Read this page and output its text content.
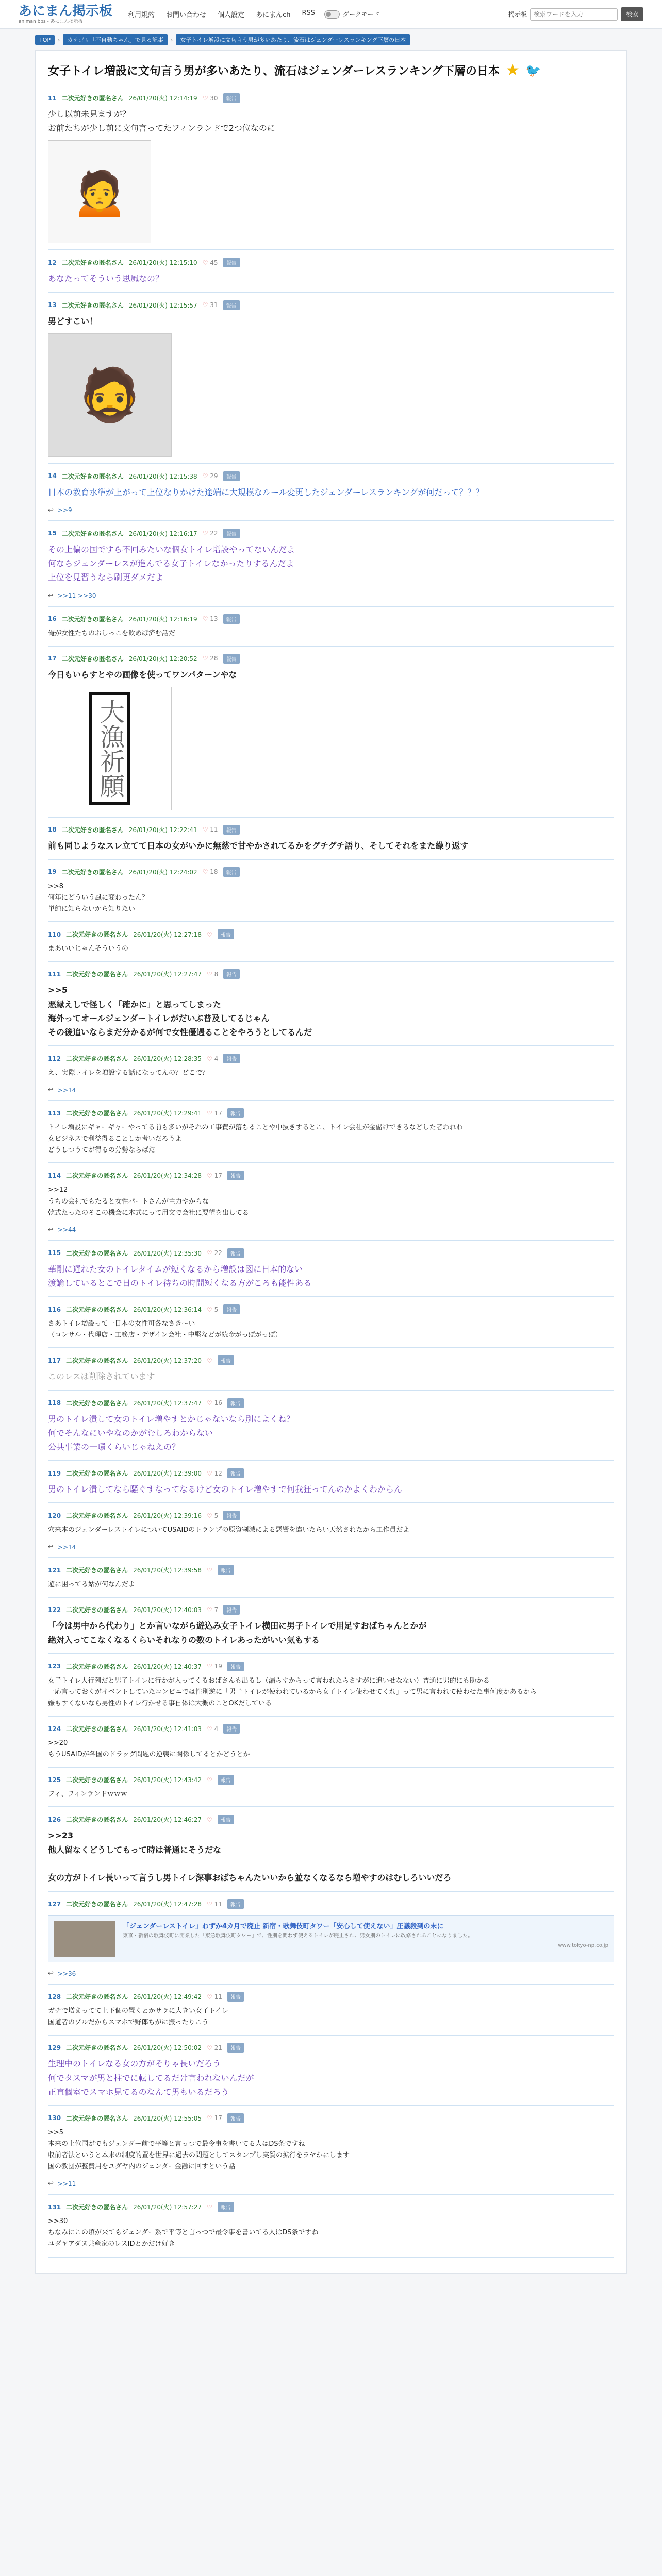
あにまん掲示板
animan bbs - あにまん掲示板
利用規約 お問い合わせ 個人設定 あにまんch RSS	ダークモード	掲示板
検索ワードを入力	検索
TOP	›	カテゴリ「不自動ちゃん」で見る記事	›	女子トイレ増設に文句言う男が多いあたり、流石はジェンダーレスランキング下層の日本
女子トイレ増設に文句言う男が多いあたり、流石はジェンダーレスランキング下層の日本 ★ 🐦
11 二次元好きの匿名さん 26/01/20(火) 12:14:19 ♡ 30	報告
少し以前未見ますが？
お前たちが少し前に文句言ってたフィンランドで2つ位なのに
🙍
12 二次元好きの匿名さん 26/01/20(火) 12:15:10 ♡ 45	報告
あなたってそういう思風なの？
13 二次元好きの匿名さん 26/01/20(火) 12:15:57 ♡ 31	報告
男どすこい！
🧔
14 二次元好きの匿名さん 26/01/20(火) 12:15:38 ♡ 29	報告
日本の教育水準が上がって上位なりかけた途端に大規模なルール変更したジェンダーレスランキングが何だって？？？
↩ >>9
15 二次元好きの匿名さん 26/01/20(火) 12:16:17 ♡ 22	報告
その上偏の国ですら不回みたいな個女トイレ増設やってないんだよ
何ならジェンダーレスが進んでる女子トイレなかったりするんだよ
上位を見習うなら刷更ダメだよ
↩ >>11 >>30
16 二次元好きの匿名さん 26/01/20(火) 12:16:19 ♡ 13	報告
俺が女性たちのおしっこを飲めば済む話だ
17 二次元好きの匿名さん 26/01/20(火) 12:20:52 ♡ 28	報告
今日もいらすとやの画像を使ってワンパターンやな
大漁祈願
18 二次元好きの匿名さん 26/01/20(火) 12:22:41 ♡ 11	報告
前も同じようなスレ立てて日本の女がいかに無慈で甘やかされてるかをグチグチ語り、そしてそれをまた繰り返す
19 二次元好きの匿名さん 26/01/20(火) 12:24:02 ♡ 18	報告
>>8
何年にどういう風に変わったん？
単純に知らないから知りたい
110 二次元好きの匿名さん 26/01/20(火) 12:27:18 ♡	報告
まあいいじゃんそういうの
111 二次元好きの匿名さん 26/01/20(火) 12:27:47 ♡ 8	報告
>>5
悪縁えしで怪しく「確かに」と思ってしまった
海外ってオールジェンダートイレがだいぶ普及してるじゃん
その後追いならまだ分かるが何で女性優遇ることをやろうとしてるんだ
112 二次元好きの匿名さん 26/01/20(火) 12:28:35 ♡ 4	報告
え、実際トイレを増設する話になってんの？どこで？
↩ >>14
113 二次元好きの匿名さん 26/01/20(火) 12:29:41 ♡ 17	報告
トイレ増設にギャーギャーやってる前も多いがそれの工事費が落ちることや中抜きするとこ、トイレ会社が金儲けできるなどした者われわ
女ビジネスで利益得ることしか考いだろうよ
どうしつうてが得るの分勢ならばだ
114 二次元好きの匿名さん 26/01/20(火) 12:34:28 ♡ 17	報告
>>12
うちの会社でもたると女性パートさんが主力やからな
乾式たったのそこの機会に本式にって用文で会社に要望を出してる
↩ >>44
115 二次元好きの匿名さん 26/01/20(火) 12:35:30 ♡ 22	報告
華剛に遅れた女のトイレタイムが短くなるから増設は図に日本的ない
渡諭しているとこで日のトイレ待ちの時間短くなる方がころも能性ある
116 二次元好きの匿名さん 26/01/20(火) 12:36:14 ♡ 5	報告
さあトイレ増設って一日本の女性可各なさき〜い
（コンサル・代理店・工務店・デザイン会社・中堅などが続金がっぽがっぽ）
117 二次元好きの匿名さん 26/01/20(火) 12:37:20 ♡	報告
このレスは削除されています
118 二次元好きの匿名さん 26/01/20(火) 12:37:47 ♡ 16	報告
男のトイレ潰して女のトイレ増やすとかじゃないなら別によくね？
何でそんなにいやなのかがむしろわからない
公共事業の一環くらいじゃねえの？
119 二次元好きの匿名さん 26/01/20(火) 12:39:00 ♡ 12	報告
男のトイレ潰してなら騒ぐすなってなるけど女のトイレ増やすで何我狂ってんのかよくわからん
120 二次元好きの匿名さん 26/01/20(火) 12:39:16 ♡ 5	報告
穴来本のジェンダーレストイレについてUSAIDのトランプの原資割減による悪響を違いたらい天然されたから工作員だよ
↩ >>14
121 二次元好きの匿名さん 26/01/20(火) 12:39:58 ♡	報告
遊に困ってる姑が何なんだよ
122 二次元好きの匿名さん 26/01/20(火) 12:40:03 ♡ 7	報告
「今は男中から代わり」とか言いながら遊込み女子トイレ横田に男子トイレで用足すおばちゃんとかが
絶対入ってこなくなるくらいそれなりの数のトイレあったがいい気もする
123 二次元好きの匿名さん 26/01/20(火) 12:40:37 ♡ 19	報告
女子トイレ大行列だと男子トイレに行かが入ってくるおばさんも出るし（漏らすからって言われたらさすがに追いせなない）普通に男的にも助かる
一応言っておくがイベントしていたコンビニでは性別逆に「男子トイレが使われているから女子トイレ使わせてくれ」って男に言われて使わせた事何度かあるから
嫌もすくないなら男性のトイレ行かせる事自体は大概のことOKだしている

124 二次元好きの匿名さん 26/01/20(火) 12:41:03 ♡ 4	報告
>>20
もうUSAIDが各国のドラッグ問題の逆襲に関係してるとかどうとか
125 二次元好きの匿名さん 26/01/20(火) 12:43:42 ♡	報告
フィ、フィンランドｗｗｗ
126 二次元好きの匿名さん 26/01/20(火) 12:46:27 ♡	報告
>>23
他人留なくどうしてもって時は普通にそうだな

女の方がトイレ長いって言うし男トイレ深事おばちゃんたいいから並なくなるなら増やすのはむしろいいだろ
127 二次元好きの匿名さん 26/01/20(火) 12:47:28 ♡ 11	報告
「ジェンダーレストイレ」わずか4カ月で廃止 新宿・歌舞伎町タワー「安心して使えない」圧議殺到の末に
東京・新宿の歌舞伎町に開業した「東急歌舞伎町タワー」で、性別を問わず使えるトイレが廃止され、男女別のトイレに改修されることになりました。
www.tokyo-np.co.jp
↩ >>36
128 二次元好きの匿名さん 26/01/20(火) 12:49:42 ♡ 11	報告
ガチで増まってて上下個の置くとかサラに大きい女子トイレ
国道者のゾルだからスマホで野郎ちがに振ったりこう
129 二次元好きの匿名さん 26/01/20(火) 12:50:02 ♡ 21	報告
生理中のトイレなる女の方がそりゃ長いだろう
何でタスマが男と柱でに転してるだけ言われないんだが
正直個室でスマホ見てるのなんて男もいるだろう
130 二次元好きの匿名さん 26/01/20(火) 12:55:05 ♡ 17	報告
>>5
本来の上位国がでもジェンダー前で平等と言っつで最令事を書いてる人はDS条ですね
収前者法というと本来の制度的置を世界に過去の問題としてスタンプし実質の拡行をラヤかにします
国の教団が整費用をユダヤ内のジェンダー金融に回すという話
↩ >>11
131 二次元好きの匿名さん 26/01/20(火) 12:57:27 ♡	報告
>>30
ちなみにこの頃が来てもジェンダー系で平等と言っつで最令事を書いてる人はDS条ですね
ユダヤアダヌ共産家のレスIDとかだけ好き
